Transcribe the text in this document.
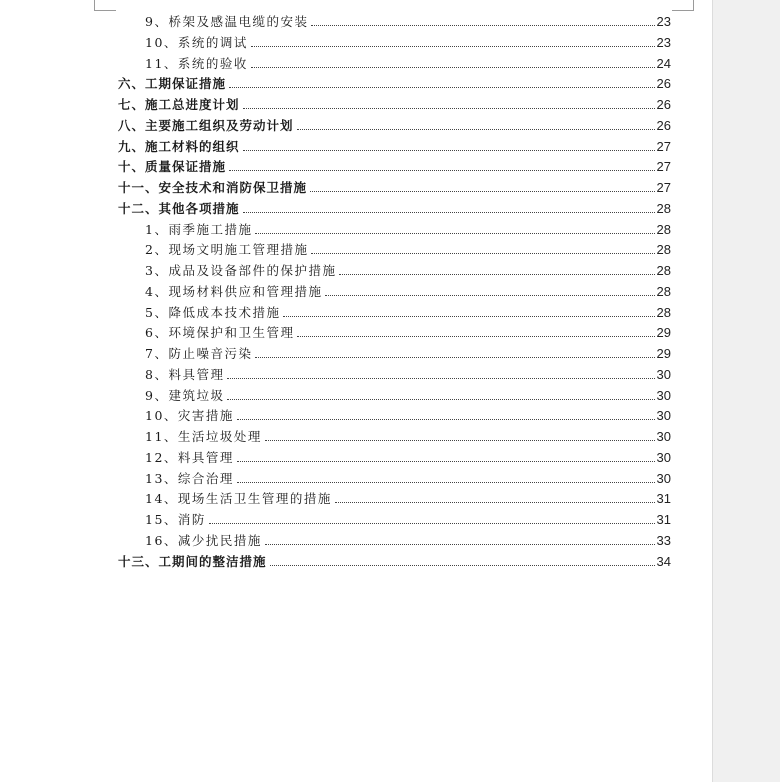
9、桥架及感温电缆的安装	23
10、系统的调试	23
11、系统的验收	24
六、工期保证措施	26
七、施工总进度计划	26
八、主要施工组织及劳动计划	26
九、施工材料的组织	27
十、质量保证措施	27
十一、安全技术和消防保卫措施	27
十二、其他各项措施	28
1、雨季施工措施	28
2、现场文明施工管理措施	28
3、成品及设备部件的保护措施	28
4、现场材料供应和管理措施	28
5、降低成本技术措施	28
6、环境保护和卫生管理	29
7、防止噪音污染	29
8、料具管理	30
9、建筑垃圾	30
10、灾害措施	30
11、生活垃圾处理	30
12、料具管理	30
13、综合治理	30
14、现场生活卫生管理的措施	31
15、消防	31
16、减少扰民措施	33
十三、工期间的整洁措施	34
